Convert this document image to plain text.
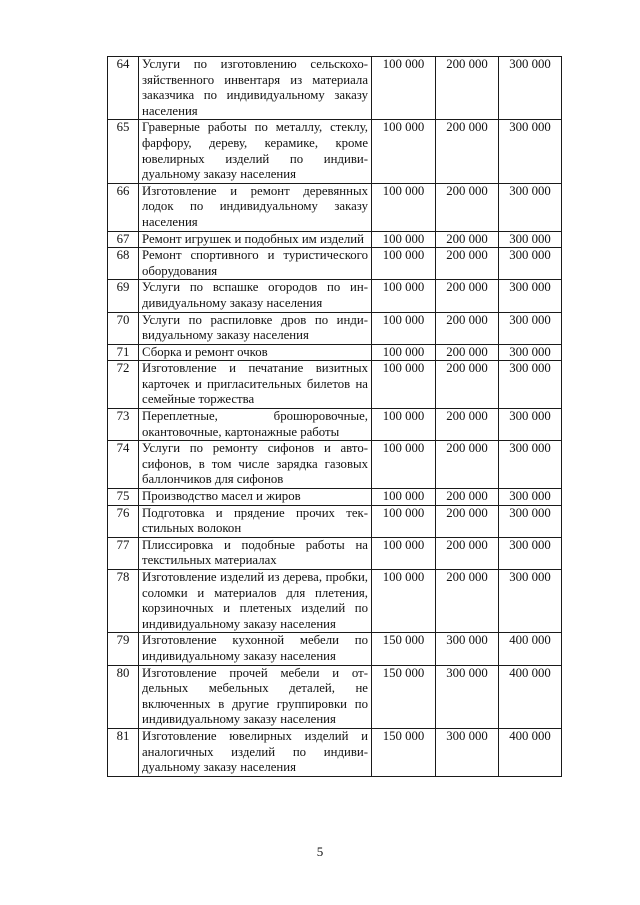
64	Услуги по изготовлению сельскохозяйственного инвентаря из материала заказчика по индивидуальному заказу населения	100 000	200 000	300 000
65	Граверные работы по металлу, стеклу, фарфору, дереву, керамике, кроме ювелирных изделий по индивидуальному заказу населения	100 000	200 000	300 000
66	Изготовление и ремонт деревянных лодок по индивидуальному заказу населения	100 000	200 000	300 000
67	Ремонт игрушек и подобных им изделий	100 000	200 000	300 000
68	Ремонт спортивного и туристического оборудования	100 000	200 000	300 000
69	Услуги по вспашке огородов по индивидуальному заказу населения	100 000	200 000	300 000
70	Услуги по распиловке дров по индивидуальному заказу населения	100 000	200 000	300 000
71	Сборка и ремонт очков	100 000	200 000	300 000
72	Изготовление и печатание визитных карточек и пригласительных билетов на семейные торжества	100 000	200 000	300 000
73	Переплетные, брошюровочные, окантовочные, картонажные работы	100 000	200 000	300 000
74	Услуги по ремонту сифонов и автосифонов, в том числе зарядка газовых баллончиков для сифонов	100 000	200 000	300 000
75	Производство масел и жиров	100 000	200 000	300 000
76	Подготовка и прядение прочих текстильных волокон	100 000	200 000	300 000
77	Плиссировка и подобные работы на текстильных материалах	100 000	200 000	300 000
78	Изготовление изделий из дерева, пробки, соломки и материалов для плетения, корзиночных и плетеных изделий по индивидуальному заказу населения	100 000	200 000	300 000
79	Изготовление кухонной мебели по индивидуальному заказу населения	150 000	300 000	400 000
80	Изготовление прочей мебели и отдельных мебельных деталей, не включенных в другие группировки по индивидуальному заказу населения	150 000	300 000	400 000
81	Изготовление ювелирных изделий и аналогичных изделий по индивидуальному заказу населения	150 000	300 000	400 000
5
